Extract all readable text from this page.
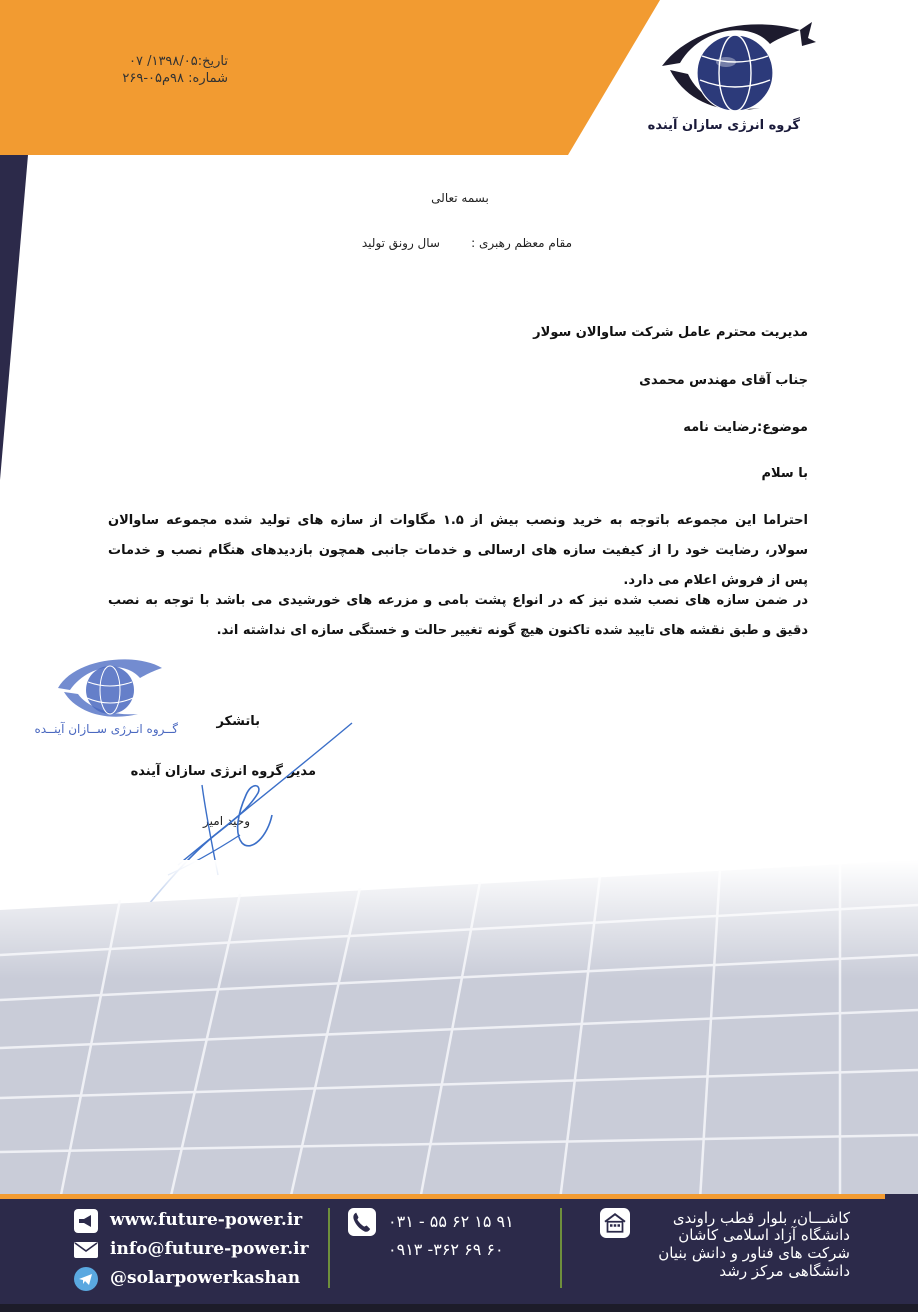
تاریخ:۱۳۹۸/۰۵/ ۰۷
شماره: ۹۸م۰۵-۲۶۹
گروه انرژی سازان آینده
بسمه تعالی
مقام معظم رهبری :
سال رونق تولید
مدیریت محترم عامل شرکت ساوالان سولار
جناب آقای مهندس محمدی
موضوع:رضایت نامه
با سلام
احتراما این مجموعه باتوجه به خرید ونصب بیش از ۱.۵ مگاوات از سازه های تولید شده مجموعه ساوالان سولار، رضایت خود را از کیفیت سازه های ارسالی و خدمات جانبی همچون بازدیدهای هنگام نصب و خدمات پس از فروش اعلام می دارد.
در ضمن سازه های نصب شده نیز که در انواع پشت بامی و مزرعه های خورشیدی می باشد با توجه به نصب دقیق و طبق نقشه های تایید شده تاکنون هیچ گونه تغییر حالت و خستگی سازه ای نداشته اند.
گــروه انـرژی ســازان آینــده	باتشکر
مدیر گروه انرژی سازان آینده
وحید امیر
www.future-power.ir
info@future-power.ir
@solarpowerkashan
۰۳۱ - ۵۵ ۶۲ ۱۵ ۹۱
۰۹۱۳ -۳۶۲ ۶۹ ۶۰
کاشـــان، بلوار قطب راوندی
دانشگاه آزاد اسلامی کاشان
شرکت های فناور و دانش بنیان
دانشگاهی مرکز رشد
